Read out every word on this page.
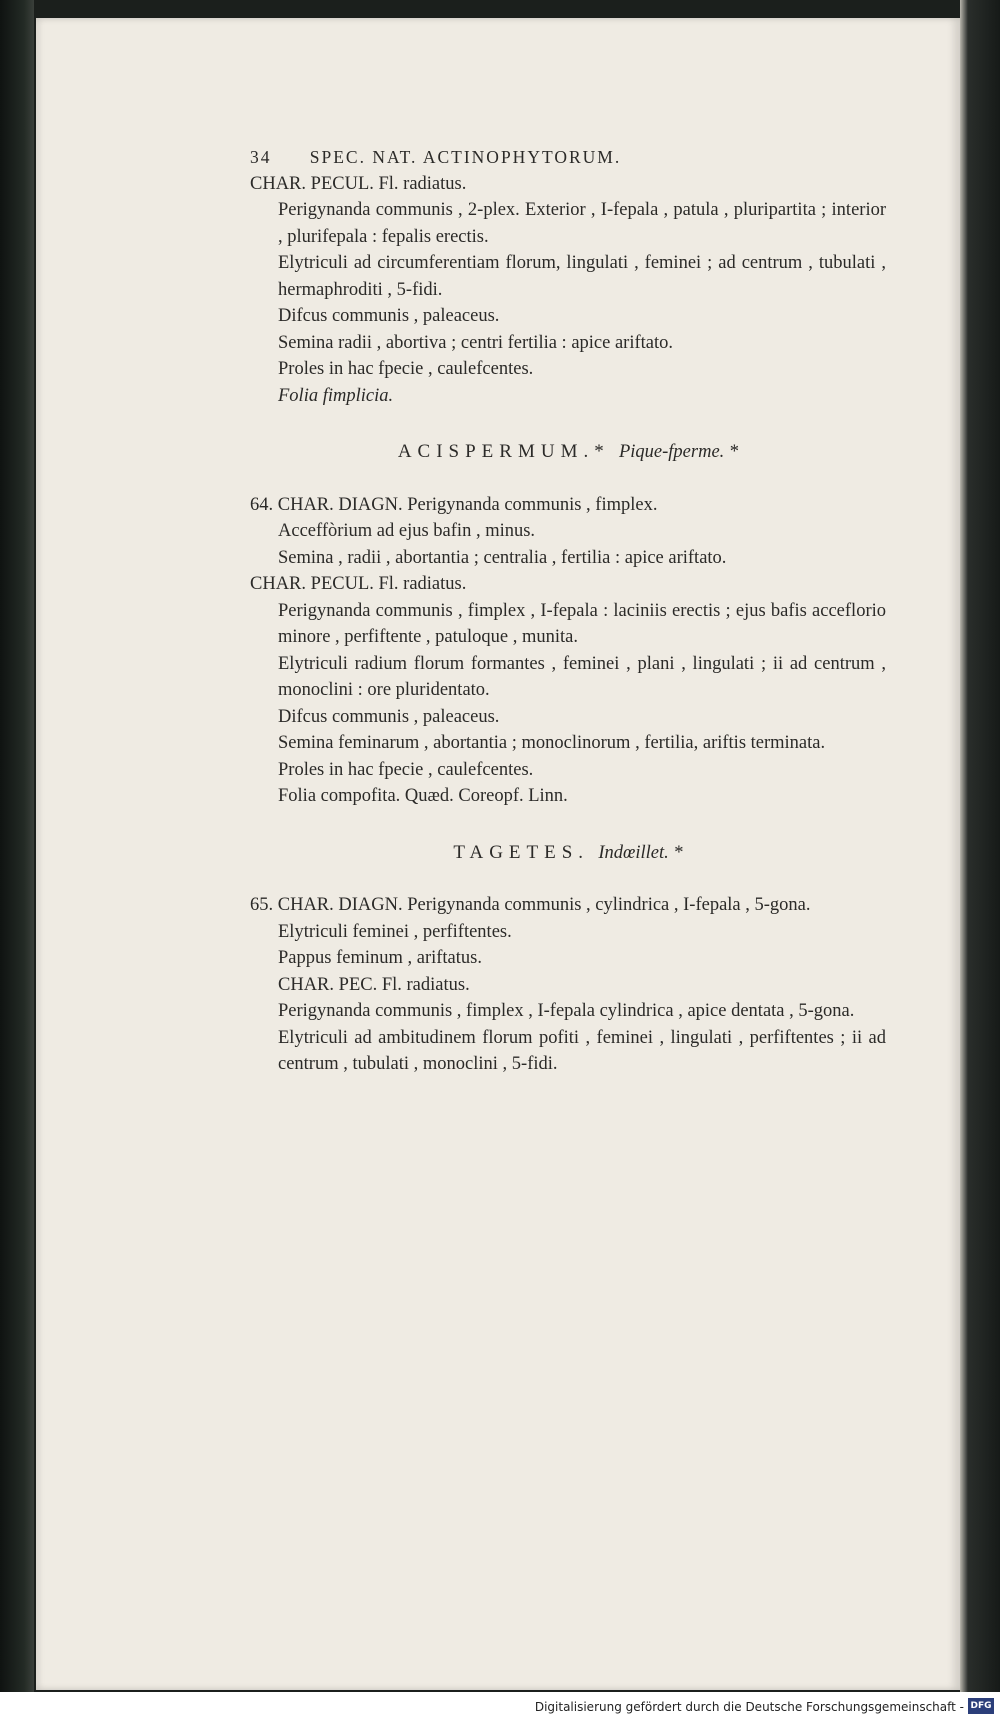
34 SPEC. NAT. ACTINOPHYTORUM.
CHAR. PECUL. Fl. radiatus.
Perigynanda communis , 2-plex. Exterior , I-fepala , patula , pluripartita ; interior , plurifepala : fepalis erectis.
Elytriculi ad circumferentiam florum, lingulati , feminei ; ad centrum , tubulati , hermaphroditi , 5-fidi.
Difcus communis , paleaceus.
Semina radii , abortiva ; centri fertilia : apice ariftato.
Proles in hac fpecie , caulefcentes.
Folia fimplicia.
ACISPERMUM.* Pique-fperme. *
64. CHAR. DIAGN. Perigynanda communis , fimplex.
Acceffòrium ad ejus bafin , minus.
Semina , radii , abortantia ; centralia , fertilia : apice ariftato.
CHAR. PECUL. Fl. radiatus.
Perigynanda communis , fimplex , I-fepala : laciniis erectis ; ejus bafis acceflorio minore , perfiftente , patuloque , munita.
Elytriculi radium florum formantes , feminei , plani , lingulati ; ii ad centrum , monoclini : ore pluridentato.
Difcus communis , paleaceus.
Semina feminarum , abortantia ; monoclinorum , fertilia, ariftis terminata.
Proles in hac fpecie , caulefcentes.
Folia compofita. Quæd. Coreopf. Linn.
TAGETES. Indœillet. *
65. CHAR. DIAGN. Perigynanda communis , cylindrica , I-fepala , 5-gona.
Elytriculi feminei , perfiftentes.
Pappus feminum , ariftatus.
CHAR. PEC. Fl. radiatus.
Perigynanda communis , fimplex , I-fepala cylindrica , apice dentata , 5-gona.
Elytriculi ad ambitudinem florum pofiti , feminei , lingulati , perfiftentes ; ii ad centrum , tubulati , monoclini , 5-fidi.
Digitalisierung gefördert durch die Deutsche Forschungsgemeinschaft - DFG
